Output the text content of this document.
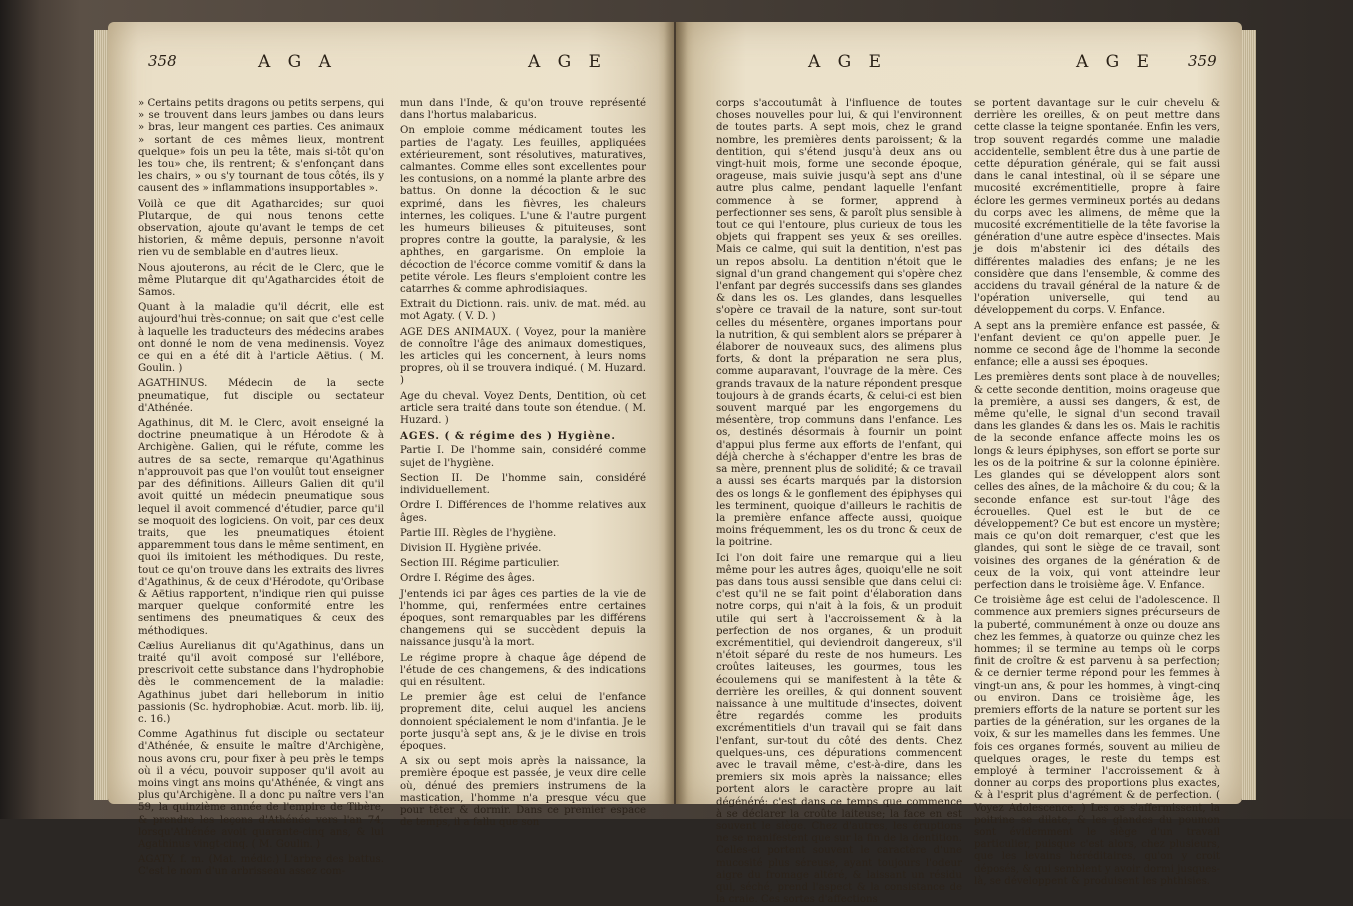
358	A G A	A G E

» Certains petits dragons ou petits serpens, qui » se trouvent dans leurs jambes ou dans leurs » bras, leur mangent ces parties. Ces animaux » sortant de ces mêmes lieux, montrent quelque» fois un peu la tête, mais si-tôt qu'on les tou» che, ils rentrent; & s'enfonçant dans les chairs, » ou s'y tournant de tous côtés, ils y causent des » inflammations insupportables ».

Voilà ce que dit Agatharcides; sur quoi Plutarque, de qui nous tenons cette observation, ajoute qu'avant le temps de cet historien, & même depuis, personne n'avoit rien vu de semblable en d'autres lieux.

Nous ajouterons, au récit de le Clerc, que le même Plutarque dit qu'Agatharcides étoit de Samos.

Quant à la maladie qu'il décrit, elle est aujourd'hui très-connue; on sait que c'est celle à laquelle les traducteurs des médecins arabes ont donné le nom de vena medinensis. Voyez ce qui en a été dit à l'article Aëtius. ( M. Goulin. )

AGATHINUS. Médecin de la secte pneumatique, fut disciple ou sectateur d'Athénée.

Agathinus, dit M. le Clerc, avoit enseigné la doctrine pneumatique à un Hérodote & à Archigène. Galien, qui le réfute, comme les autres de sa secte, remarque qu'Agathinus n'approuvoit pas que l'on voulût tout enseigner par des définitions. Ailleurs Galien dit qu'il avoit quitté un médecin pneumatique sous lequel il avoit commencé d'étudier, parce qu'il se moquoit des logiciens. On voit, par ces deux traits, que les pneumatiques étoient apparemment tous dans le même sentiment, en quoi ils imitoient les méthodiques. Du reste, tout ce qu'on trouve dans les extraits des livres d'Agathinus, & de ceux d'Hérodote, qu'Oribase & Aëtius rapportent, n'indique rien qui puisse marquer quelque conformité entre les sentimens des pneumatiques & ceux des méthodiques.

Cælius Aurelianus dit qu'Agathinus, dans un traité qu'il avoit composé sur l'ellébore, prescrivoit cette substance dans l'hydrophobie dès le commencement de la maladie: Agathinus jubet dari helleborum in initio passionis (Sc. hydrophobiæ. Acut. morb. lib. iij, c. 16.)

Comme Agathinus fut disciple ou sectateur d'Athénée, & ensuite le maître d'Archigène, nous avons cru, pour fixer à peu près le temps où il a vécu, pouvoir supposer qu'il avoit au moins vingt ans moins qu'Athénée, & vingt ans plus qu'Archigène. Il a donc pu naître vers l'an 59, la quinzième année de l'empire de Tibère, & prendre les leçons d'Athénée vers l'an 74, lorsqu'Athénée avoit quarante-cinq ans, & lui Agathinus vingt-cinq. ( M. Goulin. )

AGATY. f. m. (Mat. médic.) L'arbre des battus. C'est le nom d'un arbrisseau assez com-

mun dans l'Inde, & qu'on trouve représenté dans l'hortus malabaricus.

On emploie comme médicament toutes les parties de l'agaty. Les feuilles, appliquées extérieurement, sont résolutives, maturatives, calmantes. Comme elles sont excellentes pour les contusions, on a nommé la plante arbre des battus. On donne la décoction & le suc exprimé, dans les fièvres, les chaleurs internes, les coliques. L'une & l'autre purgent les humeurs bilieuses & pituiteuses, sont propres contre la goutte, la paralysie, & les aphthes, en gargarisme. On emploie la décoction de l'écorce comme vomitif & dans la petite vérole. Les fleurs s'emploient contre les catarrhes & comme aphrodisiaques.

Extrait du Dictionn. rais. univ. de mat. méd. au mot Agaty. ( V. D. )

AGE DES ANIMAUX. ( Voyez, pour la manière de connoître l'âge des animaux domestiques, les articles qui les concernent, à leurs noms propres, où il se trouvera indiqué. ( M. Huzard. )

Age du cheval. Voyez Dents, Dentition, où cet article sera traité dans toute son étendue. ( M. Huzard. )

AGES. ( & régime des ) Hygiène.

Partie I. De l'homme sain, considéré comme sujet de l'hygiène.

Section II. De l'homme sain, considéré individuellement.

Ordre I. Différences de l'homme relatives aux âges.

Partie III. Règles de l'hygiène.

Division II. Hygiène privée.

Section III. Régime particulier.

Ordre I. Régime des âges.

J'entends ici par âges ces parties de la vie de l'homme, qui, renfermées entre certaines époques, sont remarquables par les différens changemens qui se succèdent depuis la naissance jusqu'à la mort.

Le régime propre à chaque âge dépend de l'étude de ces changemens, & des indications qui en résultent.

Le premier âge est celui de l'enfance proprement dite, celui auquel les anciens donnoient spécialement le nom d'infantia. Je le porte jusqu'à sept ans, & je le divise en trois époques.

A six ou sept mois après la naissance, la première époque est passée, je veux dire celle où, dénué des premiers instrumens de la mastication, l'homme n'a presque vécu que pour têter & dormir. Dans ce premier espace de temps, il a fallu que son

A G E	A G E 359

corps s'accoutumât à l'influence de toutes choses nouvelles pour lui, & qui l'environnent de toutes parts. A sept mois, chez le grand nombre, les premières dents paroissent; & la dentition, qui s'étend jusqu'à deux ans ou vingt-huit mois, forme une seconde époque, orageuse, mais suivie jusqu'à sept ans d'une autre plus calme, pendant laquelle l'enfant commence à se former, apprend à perfectionner ses sens, & paroît plus sensible à tout ce qui l'entoure, plus curieux de tous les objets qui frappent ses yeux & ses oreilles. Mais ce calme, qui suit la dentition, n'est pas un repos absolu. La dentition n'étoit que le signal d'un grand changement qui s'opère chez l'enfant par degrés successifs dans ses glandes & dans les os. Les glandes, dans lesquelles s'opère ce travail de la nature, sont sur-tout celles du mésentère, organes importans pour la nutrition, & qui semblent alors se préparer à élaborer de nouveaux sucs, des alimens plus forts, & dont la préparation ne sera plus, comme auparavant, l'ouvrage de la mère. Ces grands travaux de la nature répondent presque toujours à de grands écarts, & celui-ci est bien souvent marqué par les engorgemens du mésentère, trop communs dans l'enfance. Les os, destinés désormais à fournir un point d'appui plus ferme aux efforts de l'enfant, qui déjà cherche à s'échapper d'entre les bras de sa mère, prennent plus de solidité; & ce travail a aussi ses écarts marqués par la distorsion des os longs & le gonflement des épiphyses qui les terminent, quoique d'ailleurs le rachitis de la première enfance affecte aussi, quoique moins fréquemment, les os du tronc & ceux de la poitrine.

Ici l'on doit faire une remarque qui a lieu même pour les autres âges, quoiqu'elle ne soit pas dans tous aussi sensible que dans celui ci: c'est qu'il ne se fait point d'élaboration dans notre corps, qui n'ait à la fois, & un produit utile qui sert à l'accroissement & à la perfection de nos organes, & un produit excrémentitiel, qui deviendroit dangereux, s'il n'étoit séparé du reste de nos humeurs. Les croûtes laiteuses, les gourmes, tous les écoulemens qui se manifestent à la tête & derrière les oreilles, & qui donnent souvent naissance à une multitude d'insectes, doivent être regardés comme les produits excrémentitiels d'un travail qui se fait dans l'enfant, sur-tout du côté des dents. Chez quelques-uns, ces dépurations commencent avec le travail même, c'est-à-dire, dans les premiers six mois après la naissance; elles portent alors le caractère propre au lait dégénéré: c'est dans ce temps que commence à se déclarer la croûte laiteuse; la face en est souvent le siège. Chez d'autres, les éruptions ne se manifestent que sur la fin de la dentition. Celles-ci portent souvent le caractère d'une mucosité plus séreuse, ayant toujours l'odeur aigre du fromage altéré, & laissant un résidu qui, séché, prend l'aspect & la consistance de la craie. Ces sortes d'affections

se portent davantage sur le cuir chevelu & derrière les oreilles, & on peut mettre dans cette classe la teigne spontanée. Enfin les vers, trop souvent regardés comme une maladie accidentelle, semblent être dus à une partie de cette dépuration générale, qui se fait aussi dans le canal intestinal, où il se sépare une mucosité excrémentitielle, propre à faire éclore les germes vermineux portés au dedans du corps avec les alimens, de même que la mucosité excrémentitielle de la tête favorise la génération d'une autre espèce d'insectes. Mais je dois m'abstenir ici des détails des différentes maladies des enfans; je ne les considère que dans l'ensemble, & comme des accidens du travail général de la nature & de l'opération universelle, qui tend au développement du corps. V. Enfance.

A sept ans la première enfance est passée, & l'enfant devient ce qu'on appelle puer. Je nomme ce second âge de l'homme la seconde enfance; elle a aussi ses époques.

Les premières dents sont place à de nouvelles; & cette seconde dentition, moins orageuse que la première, a aussi ses dangers, & est, de même qu'elle, le signal d'un second travail dans les glandes & dans les os. Mais le rachitis de la seconde enfance affecte moins les os longs & leurs épiphyses, son effort se porte sur les os de la poitrine & sur la colonne épinière. Les glandes qui se développent alors sont celles des aînes, de la mâchoire & du cou; & la seconde enfance est sur-tout l'âge des écrouelles. Quel est le but de ce développement? Ce but est encore un mystère; mais ce qu'on doit remarquer, c'est que les glandes, qui sont le siège de ce travail, sont voisines des organes de la génération & de ceux de la voix, qui vont atteindre leur perfection dans le troisième âge. V. Enfance.

Ce troisième âge est celui de l'adolescence. Il commence aux premiers signes précurseurs de la puberté, communément à onze ou douze ans chez les femmes, à quatorze ou quinze chez les hommes; il se termine au temps où le corps finit de croître & est parvenu à sa perfection; & ce dernier terme répond pour les femmes à vingt-un ans, & pour les hommes, à vingt-cinq ou environ. Dans ce troisième âge, les premiers efforts de la nature se portent sur les parties de la génération, sur les organes de la voix, & sur les mamelles dans les femmes. Une fois ces organes formés, souvent au milieu de quelques orages, le reste du temps est employé à terminer l'accroissement & à donner au corps des proportions plus exactes, & à l'esprit plus d'agrément & de perfection. ( Voyez Adolescence. ) Les os s'affermissent, la poitrine se dilate, & les glandes du poumon sont évidemment le siège d'un travail particulier, puisque c'est alors, chez plusieurs, que les levains héréditaires, qu'on y croit déposés, & qui semblent y avoir dormi jusques-là, se développent & produisent les phthisies.
